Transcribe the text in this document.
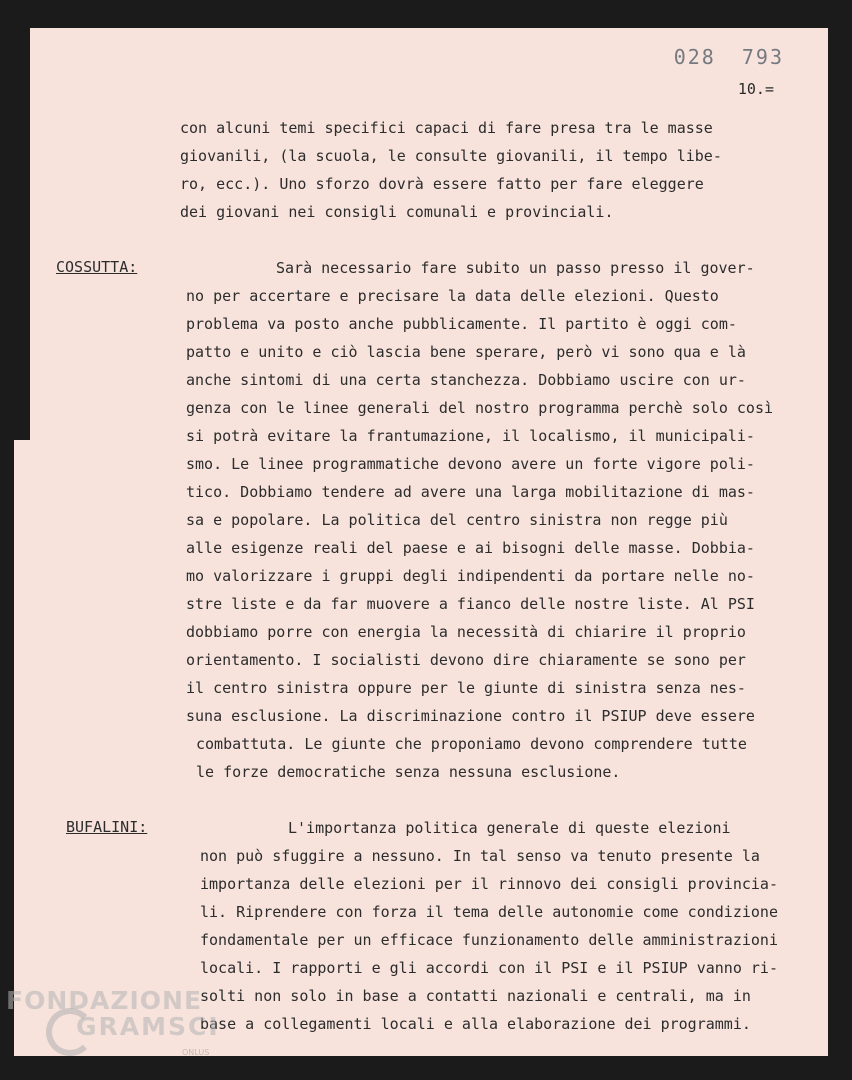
028 793
10.=
con alcuni temi specifici capaci di fare presa tra le masse
giovanili, (la scuola, le consulte giovanili, il tempo libe-
ro, ecc.). Uno sforzo dovrà essere fatto per fare eleggere
dei giovani nei consigli comunali e provinciali.
COSSUTTA:	Sarà necessario fare subito un passo presso il gover-
no per accertare e precisare la data delle elezioni. Questo
problema va posto anche pubblicamente. Il partito è oggi com-
patto e unito e ciò lascia bene sperare, però vi sono qua e là
anche sintomi di una certa stanchezza. Dobbiamo uscire con ur-
genza con le linee generali del nostro programma perchè solo così
si potrà evitare la frantumazione, il localismo, il municipali-
smo. Le linee programmatiche devono avere un forte vigore poli-
tico. Dobbiamo tendere ad avere una larga mobilitazione di mas-
sa e popolare. La politica del centro sinistra non regge più
alle esigenze reali del paese e ai bisogni delle masse. Dobbia-
mo valorizzare i gruppi degli indipendenti da portare nelle no-
stre liste e da far muovere a fianco delle nostre liste. Al PSI
dobbiamo porre con energia la necessità di chiarire il proprio
orientamento. I socialisti devono dire chiaramente se sono per
il centro sinistra oppure per le giunte di sinistra senza nes-
suna esclusione. La discriminazione contro il PSIUP deve essere
combattuta. Le giunte che proponiamo devono comprendere tutte
le forze democratiche senza nessuna esclusione.
BUFALINI:	L'importanza politica generale di queste elezioni
non può sfuggire a nessuno. In tal senso va tenuto presente la
importanza delle elezioni per il rinnovo dei consigli provincia-
li. Riprendere con forza il tema delle autonomie come condizione
fondamentale per un efficace funzionamento delle amministrazioni
locali. I rapporti e gli accordi con il PSI e il PSIUP vanno ri-
solti non solo in base a contatti nazionali e centrali, ma in
base a collegamenti locali e alla elaborazione dei programmi.
FONDAZIONE
GRAMSCI
ONLUS
